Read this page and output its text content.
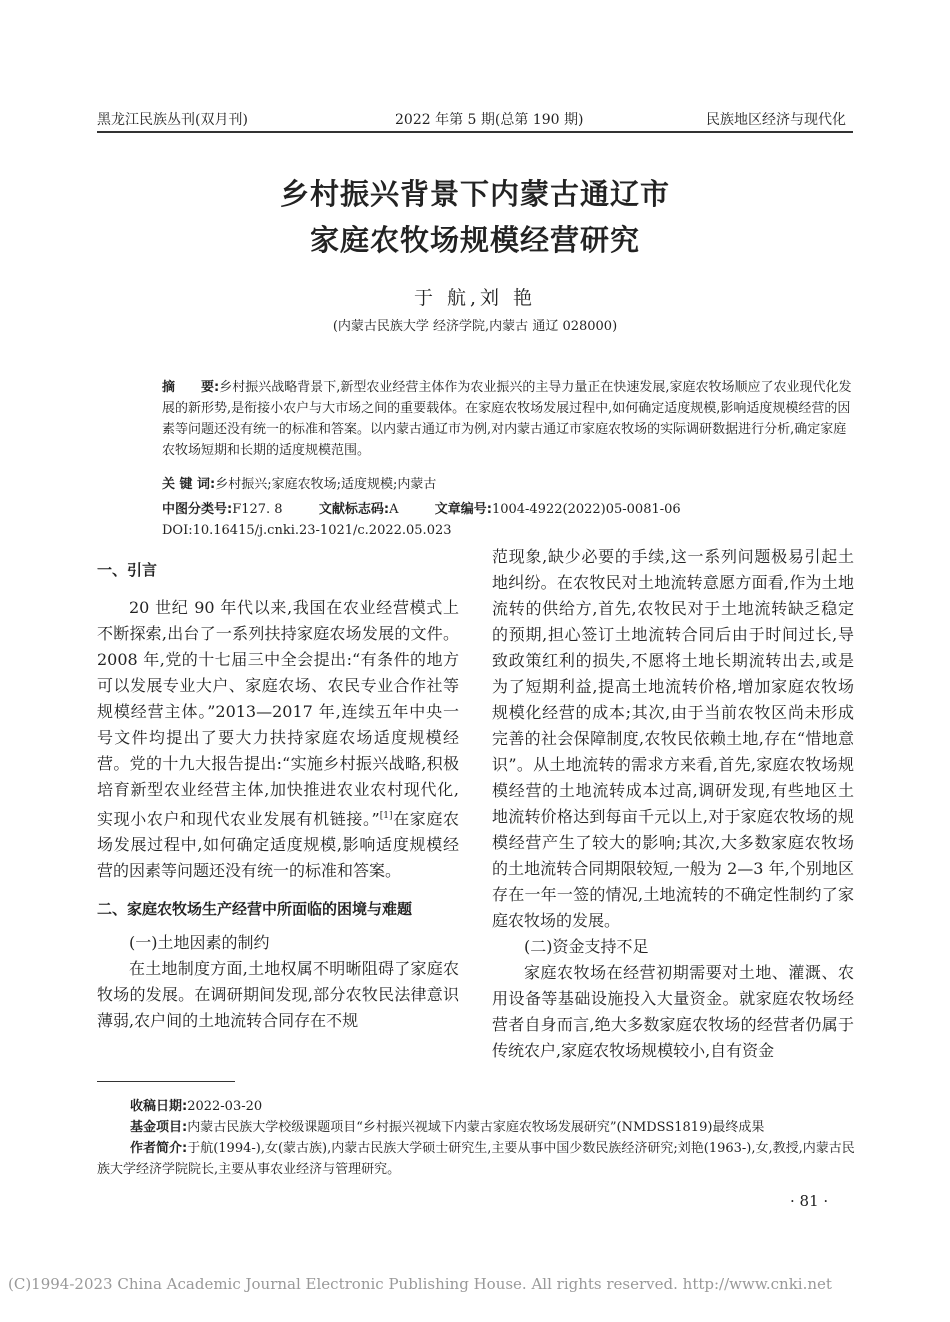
黑龙江民族丛刊(双月刊)	2022 年第 5 期(总第 190 期)	民族地区经济与现代化
乡村振兴背景下内蒙古通辽市
家庭农牧场规模经营研究
于 航,刘 艳
(内蒙古民族大学 经济学院,内蒙古 通辽 028000)

摘　　要:乡村振兴战略背景下,新型农业经营主体作为农业振兴的主导力量正在快速发展,家庭农牧场顺应了农业现代化发展的新形势,是衔接小农户与大市场之间的重要载体。在家庭农牧场发展过程中,如何确定适度规模,影响适度规模经营的因素等问题还没有统一的标准和答案。以内蒙古通辽市为例,对内蒙古通辽市家庭农牧场的实际调研数据进行分析,确定家庭农牧场短期和长期的适度规模范围。

关 键 词:乡村振兴;家庭农牧场;适度规模;内蒙古
中图分类号:F127. 8	文献标志码:A	文章编号:1004-4922(2022)05-0081-06
DOI:10.16415/j.cnki.23-1021/c.2022.05.023
一、引言

20 世纪 90 年代以来,我国在农业经营模式上不断探索,出台了一系列扶持家庭农场发展的文件。2008 年,党的十七届三中全会提出:“有条件的地方可以发展专业大户、家庭农场、农民专业合作社等规模经营主体。”2013—2017 年,连续五年中央一号文件均提出了要大力扶持家庭农场适度规模经营。党的十九大报告提出:“实施乡村振兴战略,积极培育新型农业经营主体,加快推进农业农村现代化,实现小农户和现代农业发展有机链接。”[1]在家庭农场发展过程中,如何确定适度规模,影响适度规模经营的因素等问题还没有统一的标准和答案。

二、家庭农牧场生产经营中所面临的困境与难题
(一)土地因素的制约

在土地制度方面,土地权属不明晰阻碍了家庭农牧场的发展。在调研期间发现,部分农牧民法律意识薄弱,农户间的土地流转合同存在不规

范现象,缺少必要的手续,这一系列问题极易引起土地纠纷。在农牧民对土地流转意愿方面看,作为土地流转的供给方,首先,农牧民对于土地流转缺乏稳定的预期,担心签订土地流转合同后由于时间过长,导致政策红利的损失,不愿将土地长期流转出去,或是为了短期利益,提高土地流转价格,增加家庭农牧场规模化经营的成本;其次,由于当前农牧区尚未形成完善的社会保障制度,农牧民依赖土地,存在“惜地意识”。从土地流转的需求方来看,首先,家庭农牧场规模经营的土地流转成本过高,调研发现,有些地区土地流转价格达到每亩千元以上,对于家庭农牧场的规模经营产生了较大的影响;其次,大多数家庭农牧场的土地流转合同期限较短,一般为 2—3 年,个别地区存在一年一签的情况,土地流转的不确定性制约了家庭农牧场的发展。

(二)资金支持不足

家庭农牧场在经营初期需要对土地、灌溉、农用设备等基础设施投入大量资金。就家庭农牧场经营者自身而言,绝大多数家庭农牧场的经营者仍属于传统农户,家庭农牧场规模较小,自有资金

收稿日期:2022-03-20

基金项目:内蒙古民族大学校级课题项目“乡村振兴视域下内蒙古家庭农牧场发展研究”(NMDSS1819)最终成果

作者简介:于航(1994-),女(蒙古族),内蒙古民族大学硕士研究生,主要从事中国少数民族经济研究;刘艳(1963-),女,教授,内蒙古民族大学经济学院院长,主要从事农业经济与管理研究。

· 81 ·
(C)1994-2023 China Academic Journal Electronic Publishing House. All rights reserved. http://www.cnki.net
